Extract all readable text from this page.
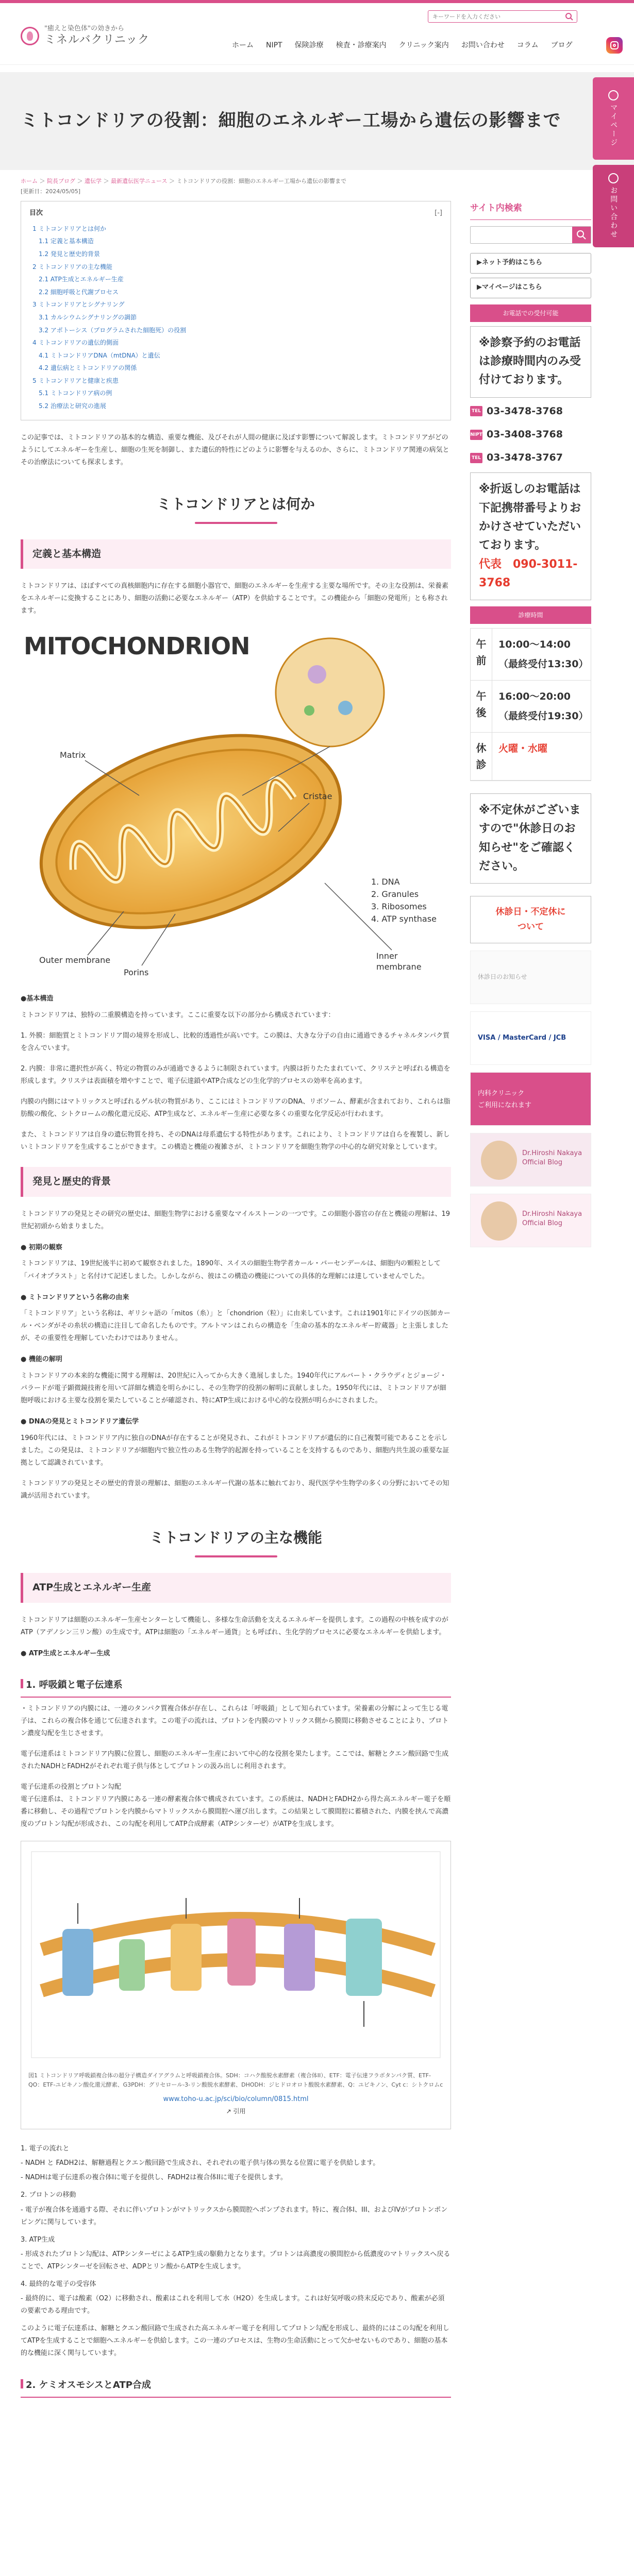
"癒えと染色体"の効きから
ミネルバクリニック
キーワードを入力ください	ホーム NIPT 保険診療 検査・診療案内 クリニック案内 お問い合わせ コラム ブログ
ミトコンドリアの役割：細胞のエネルギー工場から遺伝の影響まで	マイページ
お問い合わせ
ホーム ＞ 院長ブログ ＞ 遺伝学 ＞ 最新遺伝医学ニュース ＞ ミトコンドリアの役割：細胞のエネルギー工場から遺伝の影響まで
[更新日：2024/05/05]
目次	[-]
1 ミトコンドリアとは何か
1.1 定義と基本構造
1.2 発見と歴史的背景
2 ミトコンドリアの主な機能
2.1 ATP生成とエネルギー生産
2.2 細胞呼吸と代謝プロセス
3 ミトコンドリアとシグナリング
3.1 カルシウムシグナリングの調節
3.2 アポトーシス（プログラムされた細胞死）の役割
4 ミトコンドリアの遺伝的側面
4.1 ミトコンドリアDNA（mtDNA）と遺伝
4.2 遺伝病とミトコンドリアの関係
5 ミトコンドリアと健康と疾患
5.1 ミトコンドリア病の例
5.2 治療法と研究の進展

この記事では、ミトコンドリアの基本的な構造、重要な機能、及びそれが人間の健康に及ぼす影響について解説します。ミトコンドリアがどのようにしてエネルギーを生産し、細胞の生死を制御し、また遺伝的特性にどのように影響を与えるのか、さらに、ミトコンドリア関連の病気とその治療法についても探求します。

ミトコンドリアとは何か
定義と基本構造

ミトコンドリアは、ほぼすべての真核細胞内に存在する細胞小器官で、細胞のエネルギーを生産する主要な場所です。その主な役割は、栄養素をエネルギーに変換することにあり、細胞の活動に必要なエネルギー（ATP）を供給することです。この機能から「細胞の発電所」とも称されます。

MITOCHONDRION
Matrix
Cristae
Outer membrane
Porins
Inner membrane
1. DNA
2. Granules
3. Ribosomes
4. ATP synthase
●基本構造

ミトコンドリアは、独特の二重膜構造を持っています。ここに重要な以下の部分から構成されています：

1. 外膜：細胞質とミトコンドリア間の境界を形成し、比較的透過性が高いです。この膜は、大きな分子の自由に通過できるチャネルタンパク質を含んでいます。

2. 内膜：非常に選択性が高く、特定の物質のみが通過できるように制限されています。内膜は折りたたまれていて、クリステと呼ばれる構造を形成します。クリステは表面積を増やすことで、電子伝達鎖やATP合成などの生化学的プロセスの効率を高めます。

内膜の内側にはマトリックスと呼ばれるゲル状の物質があり、ここにはミトコンドリアのDNA、リボソーム、酵素が含まれており、これらは脂肪酸の酸化、シトクロームの酸化還元反応、ATP生成など、エネルギー生産に必要な多くの重要な化学反応が行われます。

また、ミトコンドリアは自身の遺伝物質を持ち、そのDNAは母系遺伝する特性があります。これにより、ミトコンドリアは自らを複製し、新しいミトコンドリアを生成することができます。この構造と機能の複雑さが、ミトコンドリアを細胞生物学の中心的な研究対象としています。

発見と歴史的背景

ミトコンドリアの発見とその研究の歴史は、細胞生物学における重要なマイルストーンの一つです。この細胞小器官の存在と機能の理解は、19世紀初頭から始まりました。

● 初期の観察

ミトコンドリアは、19世紀後半に初めて観察されました。1890年、スイスの細胞生物学者カール・バーセンデールは、細胞内の顆粒として「バイオプラスト」と名付けて記述しました。しかしながら、彼はこの構造の機能についての具体的な理解には達していませんでした。

● ミトコンドリアという名称の由来

「ミトコンドリア」という名称は、ギリシャ語の「mitos（糸）」と「chondrion（粒）」に由来しています。これは1901年にドイツの医師カール・ベンダがその糸状の構造に注目して命名したものです。アルトマンはこれらの構造を「生命の基本的なエネルギー貯蔵器」と主張しましたが、その重要性を理解していたわけではありません。

● 機能の解明

ミトコンドリアの本来的な機能に関する理解は、20世紀に入ってから大きく進展しました。1940年代にアルバート・クラウディとジョージ・パラードが電子顕微鏡技術を用いて詳細な構造を明らかにし、その生物学的役割の解明に貢献しました。1950年代には、ミトコンドリアが細胞呼吸における主要な役割を果たしていることが確認され、特にATP生成における中心的な役割が明らかにされました。

● DNAの発見とミトコンドリア遺伝学

1960年代には、ミトコンドリア内に独自のDNAが存在することが発見され、これがミトコンドリアが遺伝的に自己複製可能であることを示しました。この発見は、ミトコンドリアが細胞内で独立性のある生物学的起源を持っていることを支持するものであり、細胞内共生説の重要な証拠として認識されています。

ミトコンドリアの発見とその歴史的背景の理解は、細胞のエネルギー代謝の基本に触れており、現代医学や生物学の多くの分野においてその知識が活用されています。

ミトコンドリアの主な機能
ATP生成とエネルギー生産

ミトコンドリアは細胞のエネルギー生産センターとして機能し、多様な生命活動を支えるエネルギーを提供します。この過程の中核を成すのがATP（アデノシン三リン酸）の生成です。ATPは細胞の「エネルギー通貨」とも呼ばれ、生化学的プロセスに必要なエネルギーを供給します。

● ATP生成とエネルギー生成
1. 呼吸鎖と電子伝達系

・ミトコンドリアの内膜には、一連のタンパク質複合体が存在し、これらは「呼吸鎖」として知られています。栄養素の分解によって生じる電子は、これらの複合体を通じて伝達されます。この電子の流れは、プロトンを内膜のマトリックス側から膜間に移動させることにより、プロトン濃度勾配を生じさせます。

電子伝達系はミトコンドリア内膜に位置し、細胞のエネルギー生産において中心的な役割を果たします。ここでは、解糖とクエン酸回路で生成されたNADHとFADH2がそれぞれ電子供与体としてプロトンの汲み出しに利用されます。

電子伝達系の役割とプロトン勾配
電子伝達系は、ミトコンドリア内膜にある一連の酵素複合体で構成されています。この系統は、NADHとFADH2から得た高エネルギー電子を順番に移動し、その過程でプロトンを内膜からマトリックスから膜間腔へ運び出します。この結果として膜間腔に蓄積された、内膜を挟んで高濃度のプロトン勾配が形成され、この勾配を利用してATP合成酵素（ATPシンターゼ）がATPを生成します。

図1 ミトコンドリア呼吸鎖複合体の超分子構造ダイアグラムと呼吸鎖複合体。SDH：コハク酸脱水素酵素（複合体II）、ETF：電子伝達フラボタンパク質、ETF-QO：ETF-ユビキノン酸化還元酵素、G3PDH：グリセロール-3-リン酸脱水素酵素、DHODH：ジヒドロオロト酸脱水素酵素、Q：ユビキノン、Cyt c：シトクロムc
www.toho-u.ac.jp/sci/bio/column/0815.html
↗ 引用

1. 電子の流れと

- NADH と FADH2は、解糖過程とクエン酸回路で生成され、それぞれの電子供与体の異なる位置に電子を供給します。

- NADHは電子伝達系の複合体Iに電子を提供し、FADH2は複合体IIに電子を提供します。

2. プロトンの移動

- 電子が複合体を通過する際、それに伴いプロトンがマトリックスから膜間腔へポンプされます。特に、複合体I、III、およびIVがプロトンポンピングに関与しています。

3. ATP生成

- 形成されたプロトン勾配は、ATPシンターゼによるATP生成の駆動力となります。プロトンは高濃度の膜間腔から低濃度のマトリックスへ戻ることで、ATPシンターゼを回転させ、ADPとリン酸からATPを生成します。

4. 最終的な電子の受容体

- 最終的に、電子は酸素（O2）に移動され、酸素はこれを利用して水（H2O）を生成します。これは好気呼吸の終末反応であり、酸素が必須の要素である理由です。

このように電子伝達系は、解糖とクエン酸回路で生成された高エネルギー電子を利用してプロトン勾配を形成し、最終的にはこの勾配を利用してATPを生成することで細胞へエネルギーを供給します。この一連のプロセスは、生物の生命活動にとって欠かせないものであり、細胞の基本的な機能に深く関与しています。

2. ケミオスモシスとATP合成
サイト内検索
▶ネット予約はこちら
▶マイページはこちら
お電話での受付可能
※診察予約のお電話は診療時間内のみ受付けております。
TEL 03-3478-3768
NIPT 03-3408-3768
TEL 03-3478-3767
※折返しのお電話は下記携帯番号よりおかけさせていただいております。
代表　090-3011-3768
診療時間
午前
10:00〜14:00（最終受付13:30）
午後
16:00〜20:00（最終受付19:30）
休診
火曜・水曜
※不定休がございますので"休診日のお知らせ"をご確認ください。
休診日・不定休に
ついて
休診日のお知らせ
VISA / MasterCard / JCB
内科クリニック
ご利用になれます
Dr.Hiroshi Nakaya Official Blog
Dr.Hiroshi Nakaya Official Blog
